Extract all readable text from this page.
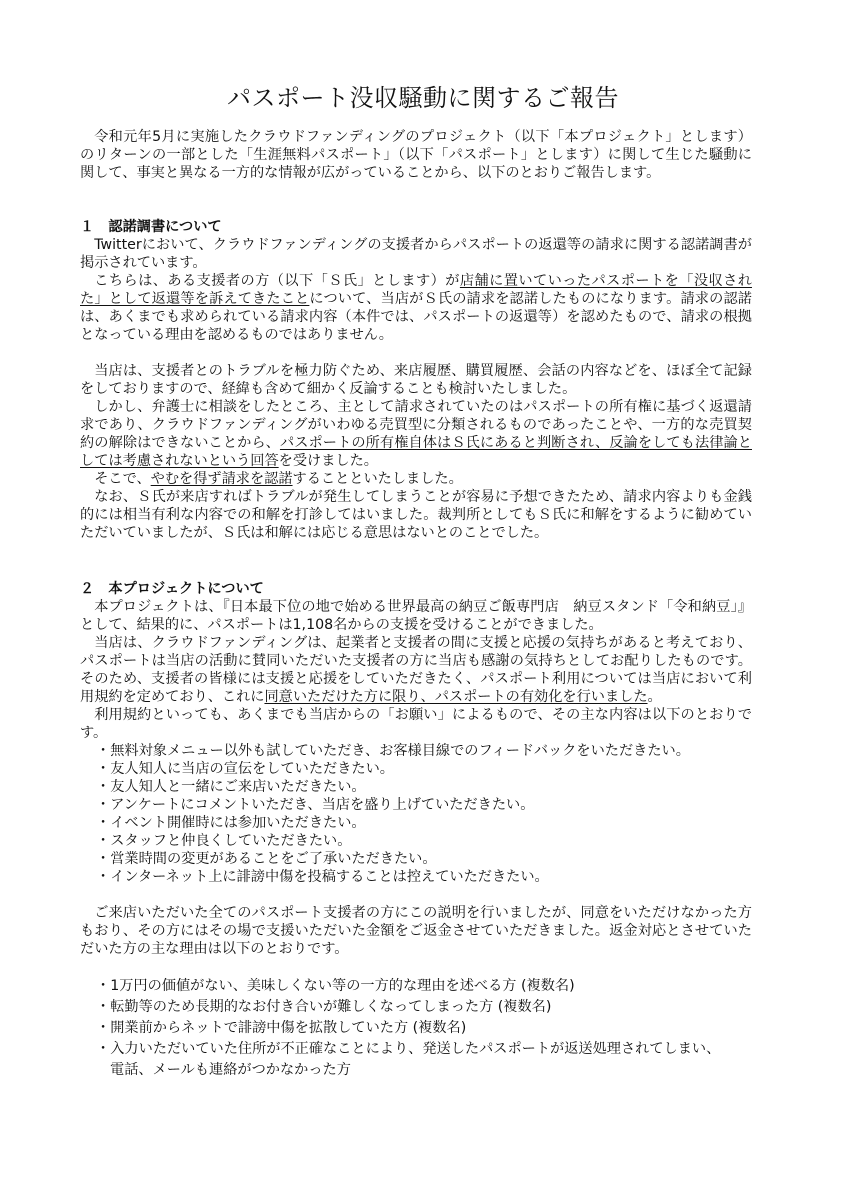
パスポート没収騒動に関するご報告

令和元年5月に実施したクラウドファンディングのプロジェクト（以下「本プロジェクト」とします）のリターンの一部とした「生涯無料パスポート」（以下「パスポート」とします）に関して生じた騒動に関して、事実と異なる一方的な情報が広がっていることから、以下のとおりご報告します。

１　認諾調書について

Twitterにおいて、クラウドファンディングの支援者からパスポートの返還等の請求に関する認諾調書が掲示されています。

こちらは、ある支援者の方（以下「Ｓ氏」とします）が店舗に置いていったパスポートを「没収された」として返還等を訴えてきたことについて、当店がＳ氏の請求を認諾したものになります。請求の認諾は、あくまでも求められている請求内容（本件では、パスポートの返還等）を認めたもので、請求の根拠となっている理由を認めるものではありません。

当店は、支援者とのトラブルを極力防ぐため、来店履歴、購買履歴、会話の内容などを、ほぼ全て記録をしておりますので、経緯も含めて細かく反論することも検討いたしました。

しかし、弁護士に相談をしたところ、主として請求されていたのはパスポートの所有権に基づく返還請求であり、クラウドファンディングがいわゆる売買型に分類されるものであったことや、一方的な売買契約の解除はできないことから、パスポートの所有権自体はＳ氏にあると判断され、反論をしても法律論としては考慮されないという回答を受けました。

そこで、やむを得ず請求を認諾することといたしました。

なお、Ｓ氏が来店すればトラブルが発生してしまうことが容易に予想できたため、請求内容よりも金銭的には相当有利な内容での和解を打診してはいました。裁判所としてもＳ氏に和解をするように勧めていただいていましたが、Ｓ氏は和解には応じる意思はないとのことでした。

２　本プロジェクトについて

本プロジェクトは、『日本最下位の地で始める世界最高の納豆ご飯専門店　納豆スタンド「令和納豆」』として、結果的に、パスポートは1,108名からの支援を受けることができました。

当店は、クラウドファンディングは、起業者と支援者の間に支援と応援の気持ちがあると考えており、パスポートは当店の活動に賛同いただいた支援者の方に当店も感謝の気持ちとしてお配りしたものです。そのため、支援者の皆様には支援と応援をしていただきたく、パスポート利用については当店において利用規約を定めており、これに同意いただけた方に限り、パスポートの有効化を行いました。

利用規約といっても、あくまでも当店からの「お願い」によるもので、その主な内容は以下のとおりです。

・無料対象メニュー以外も試していただき、お客様目線でのフィードバックをいただきたい。
・友人知人に当店の宣伝をしていただきたい。
・友人知人と一緒にご来店いただきたい。
・アンケートにコメントいただき、当店を盛り上げていただきたい。
・イベント開催時には参加いただきたい。
・スタッフと仲良くしていただきたい。
・営業時間の変更があることをご了承いただきたい。
・インターネット上に誹謗中傷を投稿することは控えていただきたい。

ご来店いただいた全てのパスポート支援者の方にこの説明を行いましたが、同意をいただけなかった方もおり、その方にはその場で支援いただいた金額をご返金させていただきました。返金対応とさせていただいた方の主な理由は以下のとおりです。

・1万円の価値がない、美味しくない等の一方的な理由を述べる方 (複数名)
・転勤等のため長期的なお付き合いが難しくなってしまった方 (複数名)
・開業前からネットで誹謗中傷を拡散していた方 (複数名)
・入力いただいていた住所が不正確なことにより、発送したパスポートが返送処理されてしまい、
電話、メールも連絡がつかなかった方
